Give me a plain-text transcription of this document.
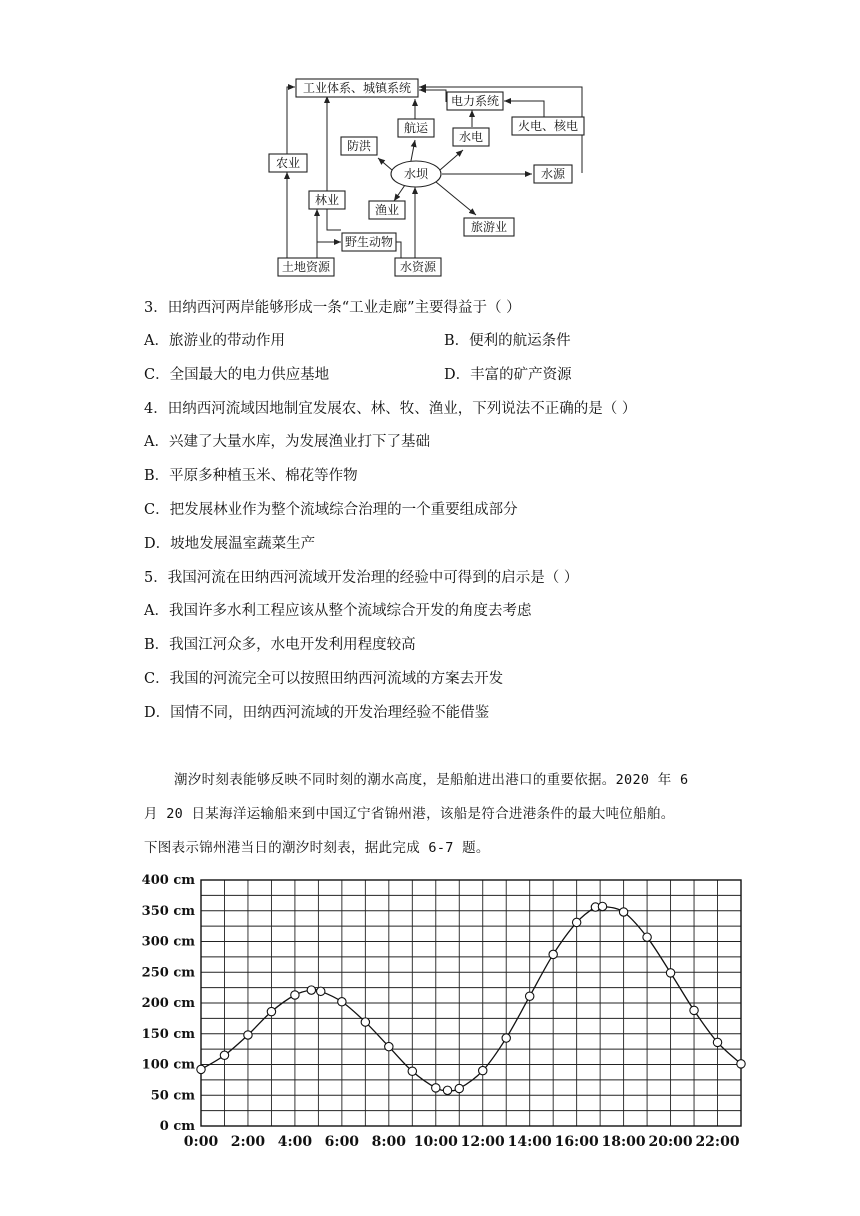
工业体系、城镇系统
电力系统
火电、核电
航运
水电
防洪
农业
水坝	水源
林业
渔业
旅游业
野生动物
土地资源	水资源
3．田纳西河两岸能够形成一条“工业走廊”主要得益于（ ）
A．旅游业的带动作用	B．便利的航运条件
C．全国最大的电力供应基地	D．丰富的矿产资源
4．田纳西河流域因地制宜发展农、林、牧、渔业，下列说法不正确的是（ ）
A．兴建了大量水库，为发展渔业打下了基础
B．平原多种植玉米、棉花等作物
C．把发展林业作为整个流域综合治理的一个重要组成部分
D．坡地发展温室蔬菜生产
5．我国河流在田纳西河流域开发治理的经验中可得到的启示是（ ）
A．我国许多水利工程应该从整个流域综合开发的角度去考虑
B．我国江河众多，水电开发利用程度较高
C．我国的河流完全可以按照田纳西河流域的方案去开发
D．国情不同，田纳西河流域的开发治理经验不能借鉴
潮汐时刻表能够反映不同时刻的潮水高度，是船舶进出港口的重要依据。2020 年 6
月 20 日某海洋运输船来到中国辽宁省锦州港，该船是符合进港条件的最大吨位船舶。
下图表示锦州港当日的潮汐时刻表，据此完成 6-7 题。
0 cm
50 cm
100 cm
150 cm
200 cm
250 cm
300 cm
350 cm
400 cm
0:00 2:00 4:00 6:00 8:00 10:00 12:00 14:00 16:00 18:00 20:00 22:00
